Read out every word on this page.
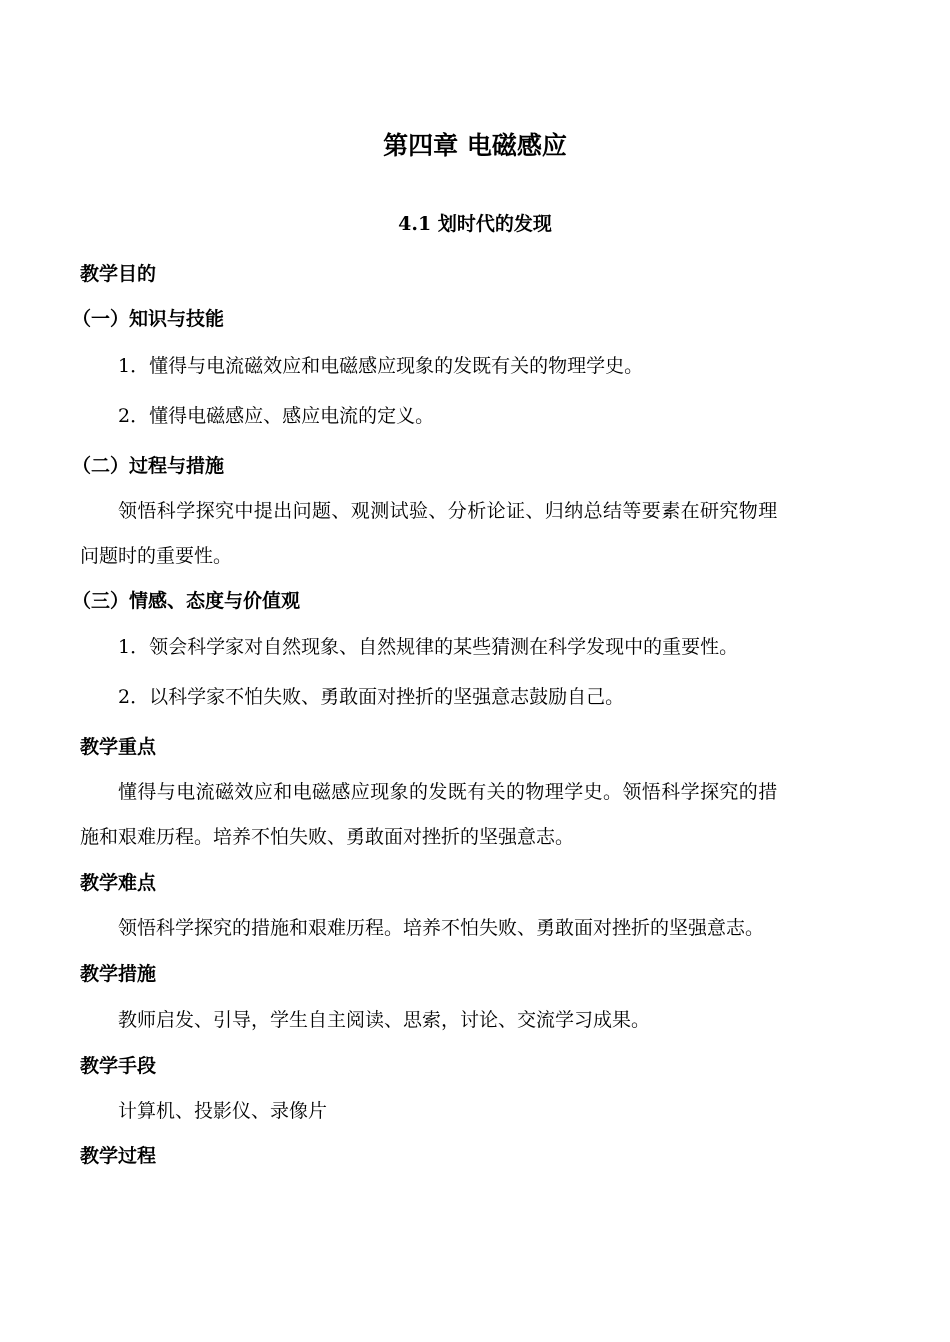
第四章 电磁感应
4.1 划时代的发现
教学目的
（一）知识与技能
1．懂得与电流磁效应和电磁感应现象的发既有关的物理学史。
2．懂得电磁感应、感应电流的定义。
（二）过程与措施
领悟科学探究中提出问题、观测试验、分析论证、归纳总结等要素在研究物理
问题时的重要性。
（三）情感、态度与价值观
1．领会科学家对自然现象、自然规律的某些猜测在科学发现中的重要性。
2．以科学家不怕失败、勇敢面对挫折的坚强意志鼓励自己。
教学重点
懂得与电流磁效应和电磁感应现象的发既有关的物理学史。领悟科学探究的措
施和艰难历程。培养不怕失败、勇敢面对挫折的坚强意志。
教学难点
领悟科学探究的措施和艰难历程。培养不怕失败、勇敢面对挫折的坚强意志。
教学措施
教师启发、引导，学生自主阅读、思索，讨论、交流学习成果。
教学手段
计算机、投影仪、录像片
教学过程
